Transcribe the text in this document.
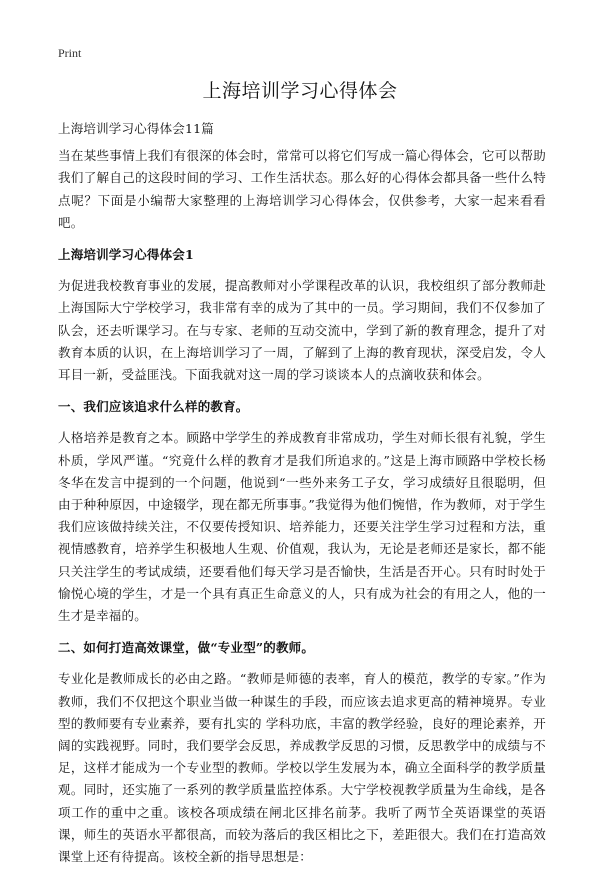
Print
上海培训学习心得体会

上海培训学习心得体会11篇

当在某些事情上我们有很深的体会时，常常可以将它们写成一篇心得体会，它可以帮助我们了解自己的这段时间的学习、工作生活状态。那么好的心得体会都具备一些什么特点呢？下面是小编帮大家整理的上海培训学习心得体会，仅供参考，大家一起来看看吧。

上海培训学习心得体会1

为促进我校教育事业的发展，提高教师对小学课程改革的认识，我校组织了部分教师赴上海国际大宁学校学习，我非常有幸的成为了其中的一员。学习期间，我们不仅参加了队会，还去听课学习。在与专家、老师的互动交流中，学到了新的教育理念，提升了对教育本质的认识，在上海培训学习了一周，了解到了上海的教育现状，深受启发，令人耳目一新，受益匪浅。下面我就对这一周的学习谈谈本人的点滴收获和体会。

一、我们应该追求什么样的教育。

人格培养是教育之本。顾路中学学生的养成教育非常成功，学生对师长很有礼貌，学生朴质，学风严谨。“究竟什么样的教育才是我们所追求的。”这是上海市顾路中学校长杨冬华在发言中提到的一个问题，他说到“一些外来务工子女，学习成绩好且很聪明，但由于种种原因，中途辍学，现在都无所事事。”我觉得为他们惋惜，作为教师，对于学生我们应该做持续关注，不仅要传授知识、培养能力，还要关注学生学习过程和方法，重视情感教育，培养学生积极地人生观、价值观，我认为，无论是老师还是家长，都不能只关注学生的考试成绩，还要看他们每天学习是否愉快，生活是否开心。只有时时处于愉悦心境的学生，才是一个具有真正生命意义的人，只有成为社会的有用之人，他的一生才是幸福的。

二、如何打造高效课堂，做“专业型”的教师。

专业化是教师成长的必由之路。“教师是师德的表率，育人的模范，教学的专家。”作为教师，我们不仅把这个职业当做一种谋生的手段，而应该去追求更高的精神境界。专业型的教师要有专业素养，要有扎实的 学科功底，丰富的教学经验，良好的理论素养，开阔的实践视野。同时，我们要学会反思，养成教学反思的习惯，反思教学中的成绩与不足，这样才能成为一个专业型的教师。学校以学生发展为本，确立全面科学的教学质量观。同时，还实施了一系列的教学质量监控体系。大宁学校视教学质量为生命线，是各项工作的重中之重。该校各项成绩在闸北区排名前茅。我听了两节全英语课堂的英语课，师生的英语水平都很高，而较为落后的我区相比之下，差距很大。我们在打造高效课堂上还有待提高。该校全新的指导思想是：
